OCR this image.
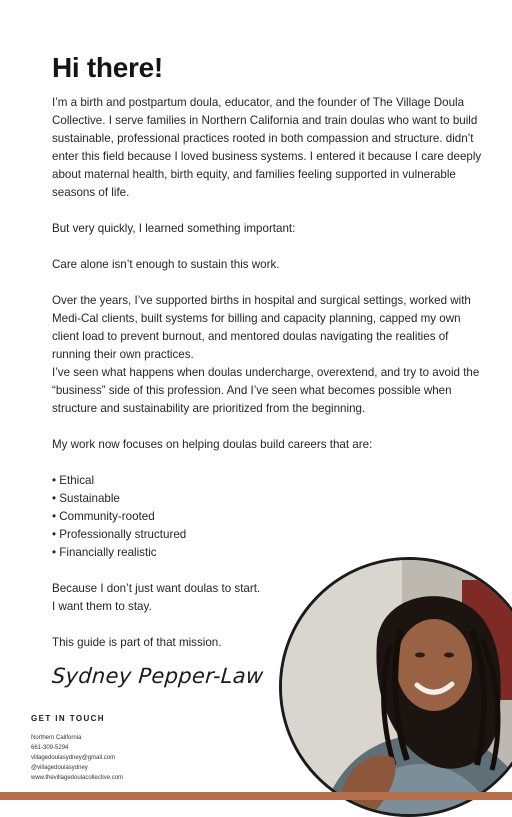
Hi there!

I’m a birth and postpartum doula, educator, and the founder of The Village Doula Collective. I serve families in Northern California and train doulas who want to build sustainable, professional practices rooted in both compassion and structure. didn’t enter this field because I loved business systems. I entered it because I care deeply about maternal health, birth equity, and families feeling supported in vulnerable seasons of life.

But very quickly, I learned something important:

Care alone isn’t enough to sustain this work.

Over the years, I’ve supported births in hospital and surgical settings, worked with Medi-Cal clients, built systems for billing and capacity planning, capped my own client load to prevent burnout, and mentored doulas navigating the realities of running their own practices.

I’ve seen what happens when doulas undercharge, overextend, and try to avoid the “business” side of this profession. And I’ve seen what becomes possible when structure and sustainability are prioritized from the beginning.

My work now focuses on helping doulas build careers that are:

• Ethical
• Sustainable
• Community-rooted
• Professionally structured
• Financially realistic

Because I don’t just want doulas to start.

I want them to stay.

This guide is part of that mission.

Sydney Pepper-Law
GET IN TOUCH
Northern California
661-309-5294
villagedoulasydney@gmail.com
@villagedoulasydney
www.thevillagedoulacollective.com
